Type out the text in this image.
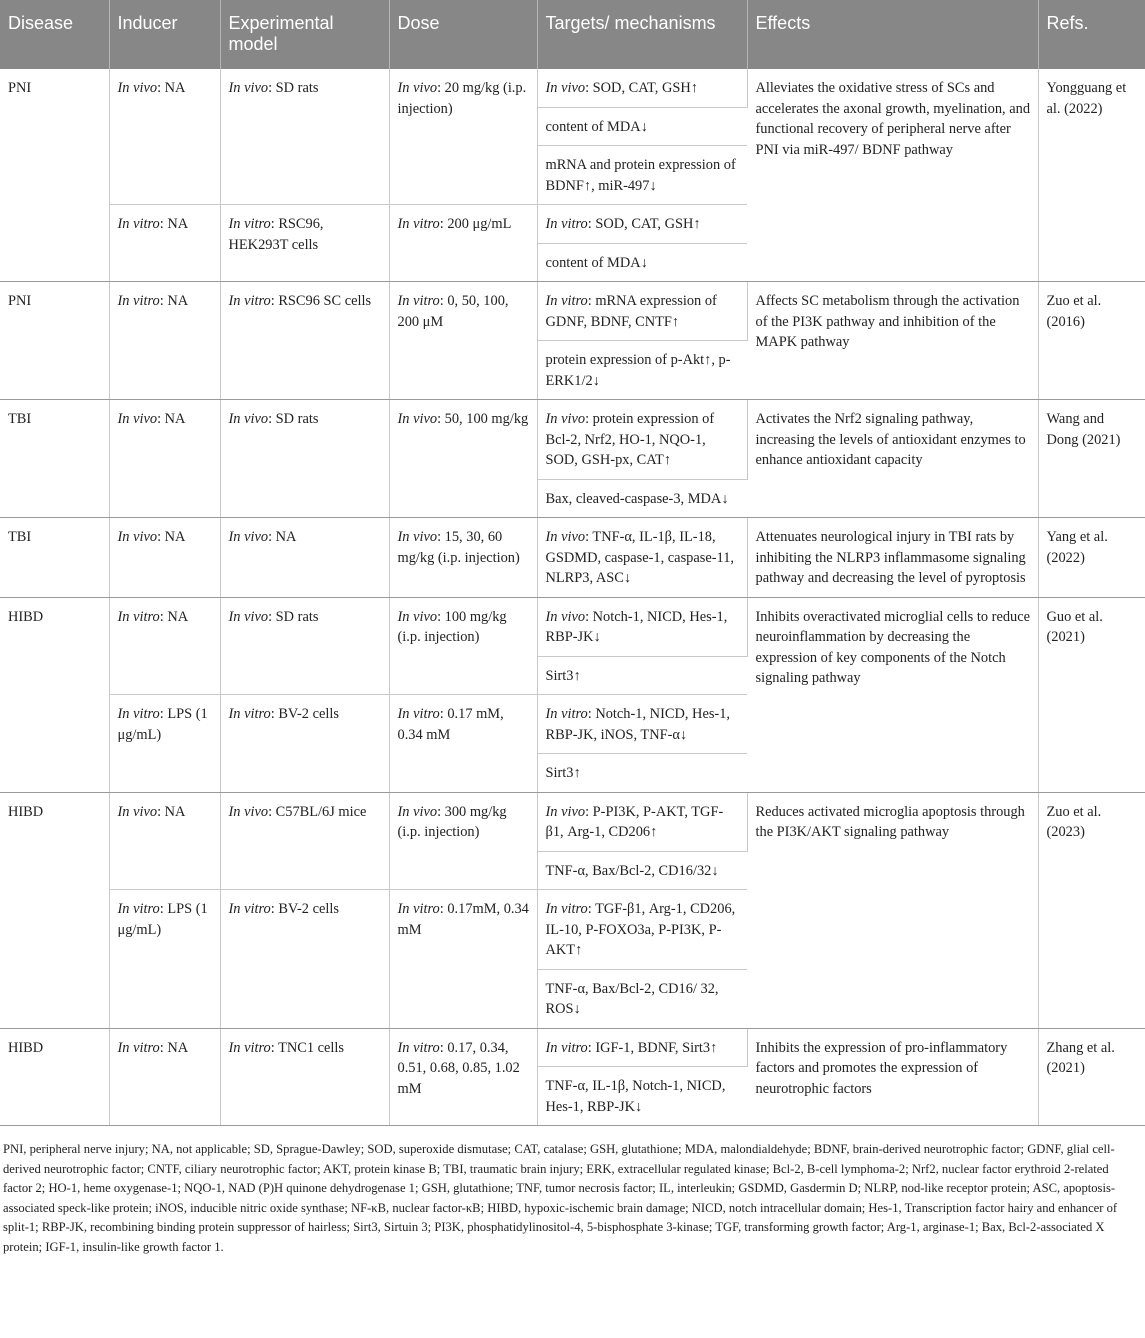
Disease	Inducer	Experimental model	Dose	Targets/ mechanisms	Effects	Refs.
PNI	In vivo: NA	In vivo: SD rats	In vivo: 20 mg/kg (i.p. injection)	In vivo: SOD, CAT, GSH↑	Alleviates the oxidative stress of SCs and accelerates the axonal growth, myelination, and functional recovery of peripheral nerve after PNI via miR-497/ BDNF pathway	Yongguang et al. (2022)
				content of MDA↓		
				mRNA and protein expression of BDNF↑, miR-497↓		
	In vitro: NA	In vitro: RSC96, HEK293T cells	In vitro: 200 μg/mL	In vitro: SOD, CAT, GSH↑		
				content of MDA↓		
PNI	In vitro: NA	In vitro: RSC96 SC cells	In vitro: 0, 50, 100, 200 μM	In vitro: mRNA expression of GDNF, BDNF, CNTF↑	Affects SC metabolism through the activation of the PI3K pathway and inhibition of the MAPK pathway	Zuo et al. (2016)
				protein expression of p-Akt↑, p-ERK1/2↓		
TBI	In vivo: NA	In vivo: SD rats	In vivo: 50, 100 mg/kg	In vivo: protein expression of Bcl-2, Nrf2, HO-1, NQO-1, SOD, GSH-px, CAT↑	Activates the Nrf2 signaling pathway, increasing the levels of antioxidant enzymes to enhance antioxidant capacity	Wang and Dong (2021)
				Bax, cleaved-caspase-3, MDA↓		
TBI	In vivo: NA	In vivo: NA	In vivo: 15, 30, 60 mg/kg (i.p. injection)	In vivo: TNF-α, IL-1β, IL-18, GSDMD, caspase-1, caspase-11, NLRP3, ASC↓	Attenuates neurological injury in TBI rats by inhibiting the NLRP3 inflammasome signaling pathway and decreasing the level of pyroptosis	Yang et al. (2022)
HIBD	In vitro: NA	In vivo: SD rats	In vivo: 100 mg/kg (i.p. injection)	In vivo: Notch-1, NICD, Hes-1, RBP-JK↓	Inhibits overactivated microglial cells to reduce neuroinflammation by decreasing the expression of key components of the Notch signaling pathway	Guo et al. (2021)
				Sirt3↑		
	In vitro: LPS (1 μg/mL)	In vitro: BV-2 cells	In vitro: 0.17 mM, 0.34 mM	In vitro: Notch-1, NICD, Hes-1, RBP-JK, iNOS, TNF-α↓		
				Sirt3↑		
HIBD	In vivo: NA	In vivo: C57BL/6J mice	In vivo: 300 mg/kg (i.p. injection)	In vivo: P-PI3K, P-AKT, TGF-β1, Arg-1, CD206↑	Reduces activated microglia apoptosis through the PI3K/AKT signaling pathway	Zuo et al. (2023)
				TNF-α, Bax/Bcl-2, CD16/32↓		
	In vitro: LPS (1 μg/mL)	In vitro: BV-2 cells	In vitro: 0.17mM, 0.34 mM	In vitro: TGF-β1, Arg-1, CD206, IL-10, P-FOXO3a, P-PI3K, P-AKT↑		
				TNF-α, Bax/Bcl-2, CD16/ 32, ROS↓		
HIBD	In vitro: NA	In vitro: TNC1 cells	In vitro: 0.17, 0.34, 0.51, 0.68, 0.85, 1.02 mM	In vitro: IGF-1, BDNF, Sirt3↑	Inhibits the expression of pro-inflammatory factors and promotes the expression of neurotrophic factors	Zhang et al. (2021)
				TNF-α, IL-1β, Notch-1, NICD, Hes-1, RBP-JK↓		
PNI, peripheral nerve injury; NA, not applicable; SD, Sprague-Dawley; SOD, superoxide dismutase; CAT, catalase; GSH, glutathione; MDA, malondialdehyde; BDNF, brain-derived neurotrophic factor; GDNF, glial cell-derived neurotrophic factor; CNTF, ciliary neurotrophic factor; AKT, protein kinase B; TBI, traumatic brain injury; ERK, extracellular regulated kinase; Bcl-2, B-cell lymphoma-2; Nrf2, nuclear factor erythroid 2-related factor 2; HO-1, heme oxygenase-1; NQO-1, NAD (P)H quinone dehydrogenase 1; GSH, glutathione; TNF, tumor necrosis factor; IL, interleukin; GSDMD, Gasdermin D; NLRP, nod-like receptor protein; ASC, apoptosis-associated speck-like protein; iNOS, inducible nitric oxide synthase; NF-κB, nuclear factor-κB; HIBD, hypoxic-ischemic brain damage; NICD, notch intracellular domain; Hes-1, Transcription factor hairy and enhancer of split-1; RBP-JK, recombining binding protein suppressor of hairless; Sirt3, Sirtuin 3; PI3K, phosphatidylinositol-4, 5-bisphosphate 3-kinase; TGF, transforming growth factor; Arg-1, arginase-1; Bax, Bcl-2-associated X protein; IGF-1, insulin-like growth factor 1.
